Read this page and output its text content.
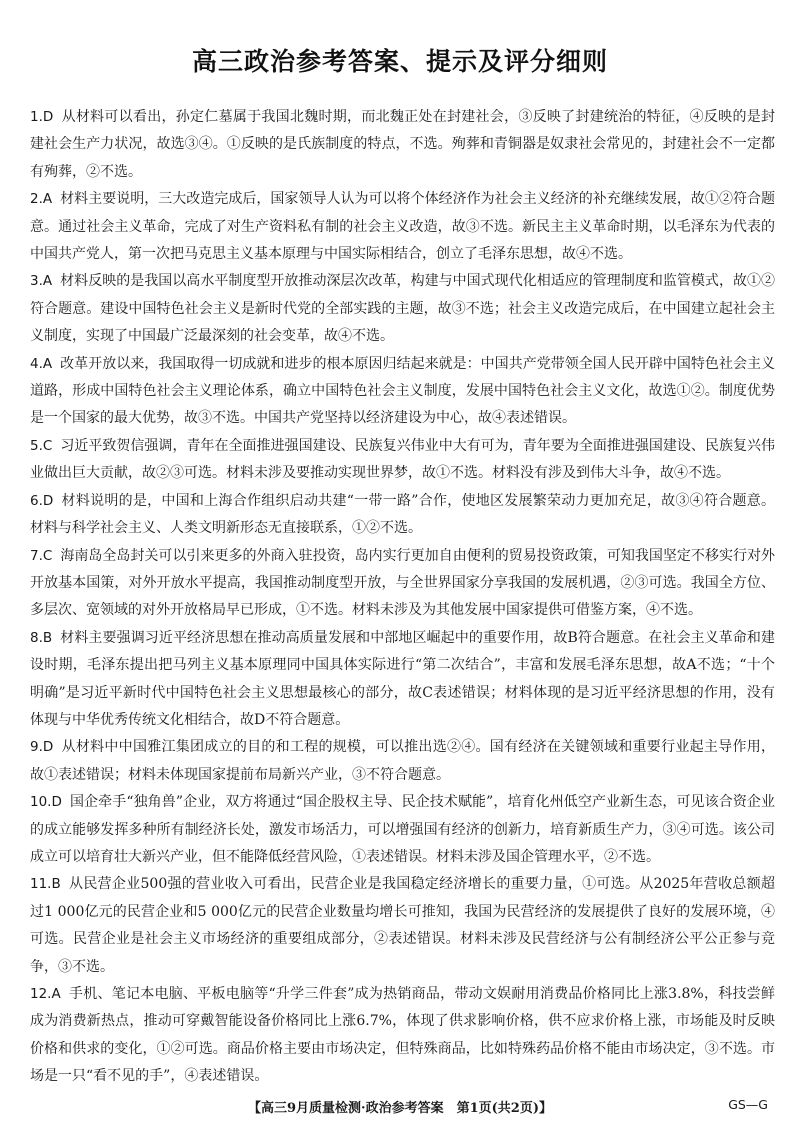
高三政治参考答案、提示及评分细则

1.D 从材料可以看出，孙定仁墓属于我国北魏时期，而北魏正处在封建社会，③反映了封建统治的特征，④反映的是封建社会生产力状况，故选③④。①反映的是氏族制度的特点，不选。殉葬和青铜器是奴隶社会常见的，封建社会不一定都有殉葬，②不选。

2.A 材料主要说明，三大改造完成后，国家领导人认为可以将个体经济作为社会主义经济的补充继续发展，故①②符合题意。通过社会主义革命，完成了对生产资料私有制的社会主义改造，故③不选。新民主主义革命时期，以毛泽东为代表的中国共产党人，第一次把马克思主义基本原理与中国实际相结合，创立了毛泽东思想，故④不选。

3.A 材料反映的是我国以高水平制度型开放推动深层次改革，构建与中国式现代化相适应的管理制度和监管模式，故①②符合题意。建设中国特色社会主义是新时代党的全部实践的主题，故③不选；社会主义改造完成后，在中国建立起社会主义制度，实现了中国最广泛最深刻的社会变革，故④不选。

4.A 改革开放以来，我国取得一切成就和进步的根本原因归结起来就是：中国共产党带领全国人民开辟中国特色社会主义道路，形成中国特色社会主义理论体系，确立中国特色社会主义制度，发展中国特色社会主义文化，故选①②。制度优势是一个国家的最大优势，故③不选。中国共产党坚持以经济建设为中心，故④表述错误。

5.C 习近平致贺信强调，青年在全面推进强国建设、民族复兴伟业中大有可为，青年要为全面推进强国建设、民族复兴伟业做出巨大贡献，故②③可选。材料未涉及要推动实现世界梦，故①不选。材料没有涉及到伟大斗争，故④不选。

6.D 材料说明的是，中国和上海合作组织启动共建“一带一路”合作，使地区发展繁荣动力更加充足，故③④符合题意。材料与科学社会主义、人类文明新形态无直接联系，①②不选。

7.C 海南岛全岛封关可以引来更多的外商入驻投资，岛内实行更加自由便利的贸易投资政策，可知我国坚定不移实行对外开放基本国策，对外开放水平提高，我国推动制度型开放，与全世界国家分享我国的发展机遇，②③可选。我国全方位、多层次、宽领域的对外开放格局早已形成，①不选。材料未涉及为其他发展中国家提供可借鉴方案，④不选。

8.B 材料主要强调习近平经济思想在推动高质量发展和中部地区崛起中的重要作用，故B符合题意。在社会主义革命和建设时期，毛泽东提出把马列主义基本原理同中国具体实际进行“第二次结合”，丰富和发展毛泽东思想，故A不选；“十个明确”是习近平新时代中国特色社会主义思想最核心的部分，故C表述错误；材料体现的是习近平经济思想的作用，没有体现与中华优秀传统文化相结合，故D不符合题意。

9.D 从材料中中国雅江集团成立的目的和工程的规模，可以推出选②④。国有经济在关键领域和重要行业起主导作用，故①表述错误；材料未体现国家提前布局新兴产业，③不符合题意。

10.D 国企牵手“独角兽”企业，双方将通过“国企股权主导、民企技术赋能”，培育化州低空产业新生态，可见该合资企业的成立能够发挥多种所有制经济长处，激发市场活力，可以增强国有经济的创新力，培育新质生产力，③④可选。该公司成立可以培育壮大新兴产业，但不能降低经营风险，①表述错误。材料未涉及国企管理水平，②不选。

11.B 从民营企业500强的营业收入可看出，民营企业是我国稳定经济增长的重要力量，①可选。从2025年营收总额超过1 000亿元的民营企业和5 000亿元的民营企业数量均增长可推知，我国为民营经济的发展提供了良好的发展环境，④可选。民营企业是社会主义市场经济的重要组成部分，②表述错误。材料未涉及民营经济与公有制经济公平公正参与竞争，③不选。

12.A 手机、笔记本电脑、平板电脑等“升学三件套”成为热销商品，带动文娱耐用消费品价格同比上涨3.8%，科技尝鲜成为消费新热点，推动可穿戴智能设备价格同比上涨6.7%，体现了供求影响价格，供不应求价格上涨，市场能及时反映价格和供求的变化，①②可选。商品价格主要由市场决定，但特殊商品，比如特殊药品价格不能由市场决定，③不选。市场是一只“看不见的手”，④表述错误。

【高三9月质量检测·政治参考答案　第1页(共2页)】	GS—G
